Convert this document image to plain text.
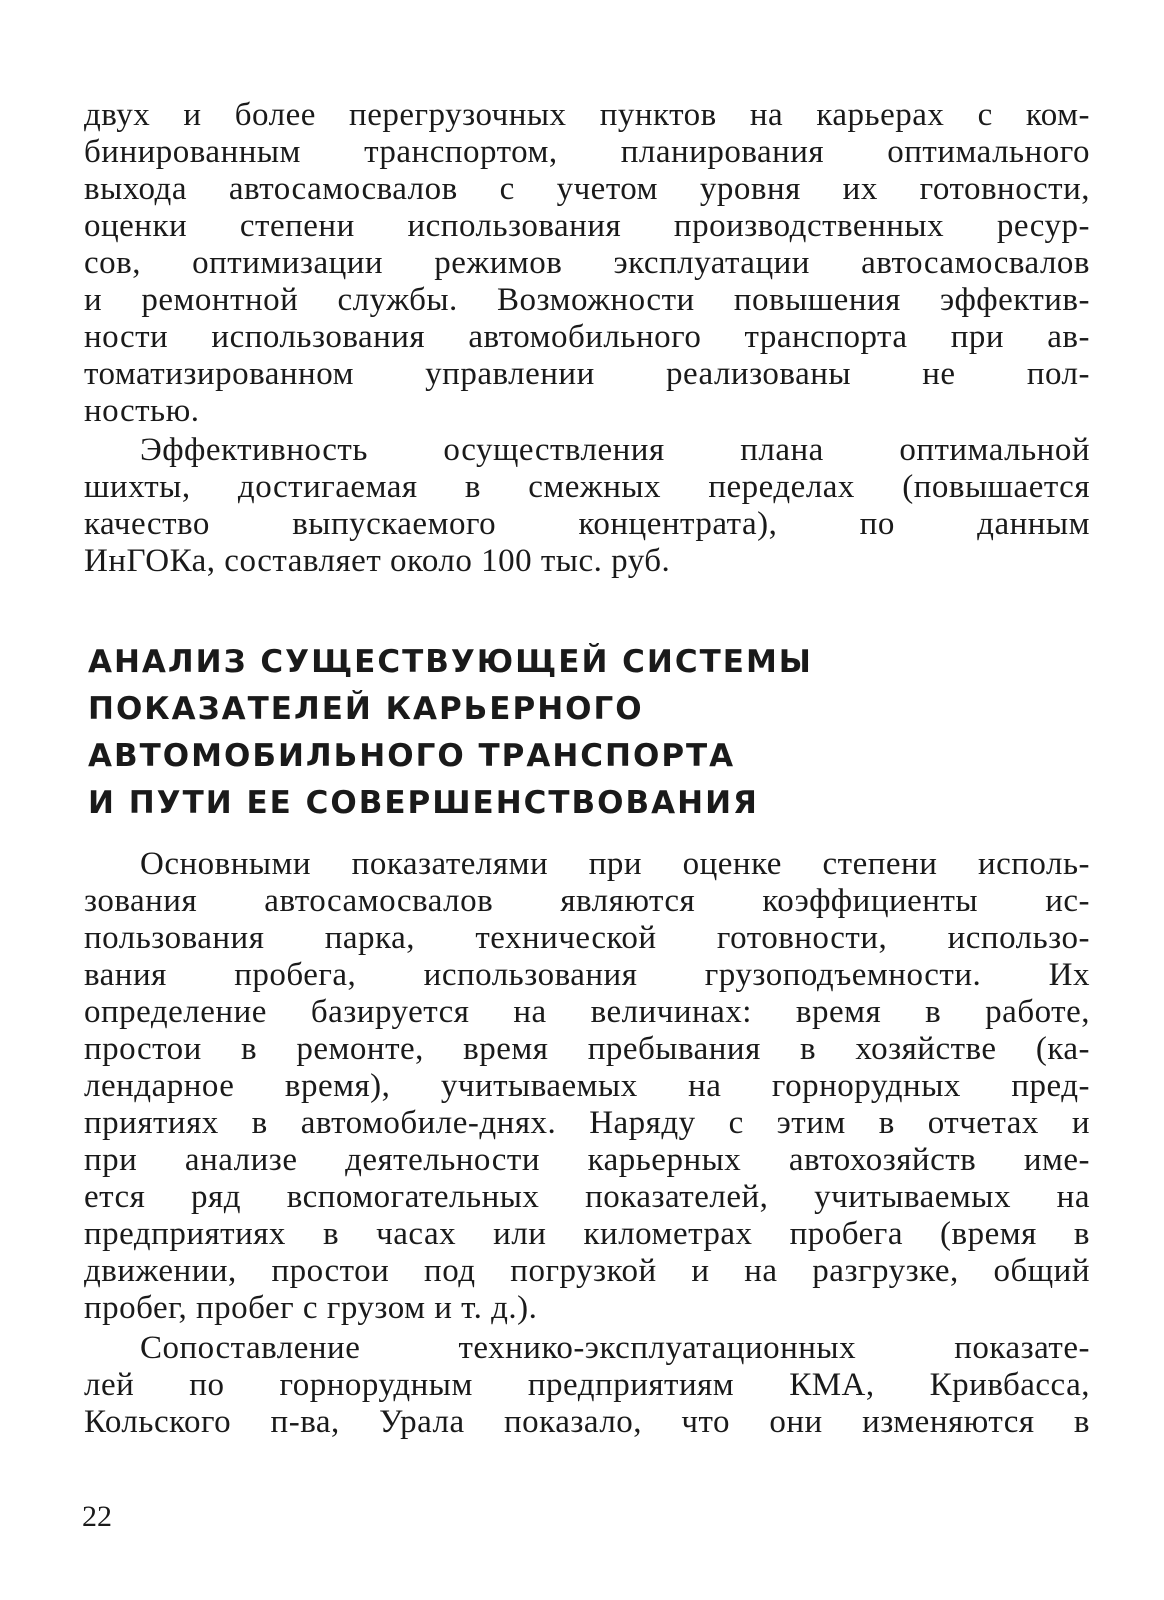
двух и более перегрузочных пунктов на карьерах с ком-
бинированным транспортом, планирования оптимального
выхода автосамосвалов с учетом уровня их готовности,
оценки степени использования производственных ресур-
сов, оптимизации режимов эксплуатации автосамосвалов
и ремонтной службы. Возможности повышения эффектив-
ности использования автомобильного транспорта при ав-
томатизированном управлении реализованы не пол-
ностью.
Эффективность осуществления плана оптимальной
шихты, достигаемая в смежных переделах (повышается
качество выпускаемого концентрата), по данным
ИнГОКа, составляет около 100 тыс. руб.
АНАЛИЗ СУЩЕСТВУЮЩЕЙ СИСТЕМЫ
ПОКАЗАТЕЛЕЙ КАРЬЕРНОГО
АВТОМОБИЛЬНОГО ТРАНСПОРТА
И ПУТИ ЕЕ СОВЕРШЕНСТВОВАНИЯ
Основными показателями при оценке степени исполь-
зования автосамосвалов являются коэффициенты ис-
пользования парка, технической готовности, использо-
вания пробега, использования грузоподъемности. Их
определение базируется на величинах: время в работе,
простои в ремонте, время пребывания в хозяйстве (ка-
лендарное время), учитываемых на горнорудных пред-
приятиях в автомобиле-днях. Наряду с этим в отчетах и
при анализе деятельности карьерных автохозяйств име-
ется ряд вспомогательных показателей, учитываемых на
предприятиях в часах или километрах пробега (время в
движении, простои под погрузкой и на разгрузке, общий
пробег, пробег с грузом и т. д.).
Сопоставление технико-эксплуатационных показате-
лей по горнорудным предприятиям КМА, Кривбасса,
Кольского п-ва, Урала показало, что они изменяются в
22
